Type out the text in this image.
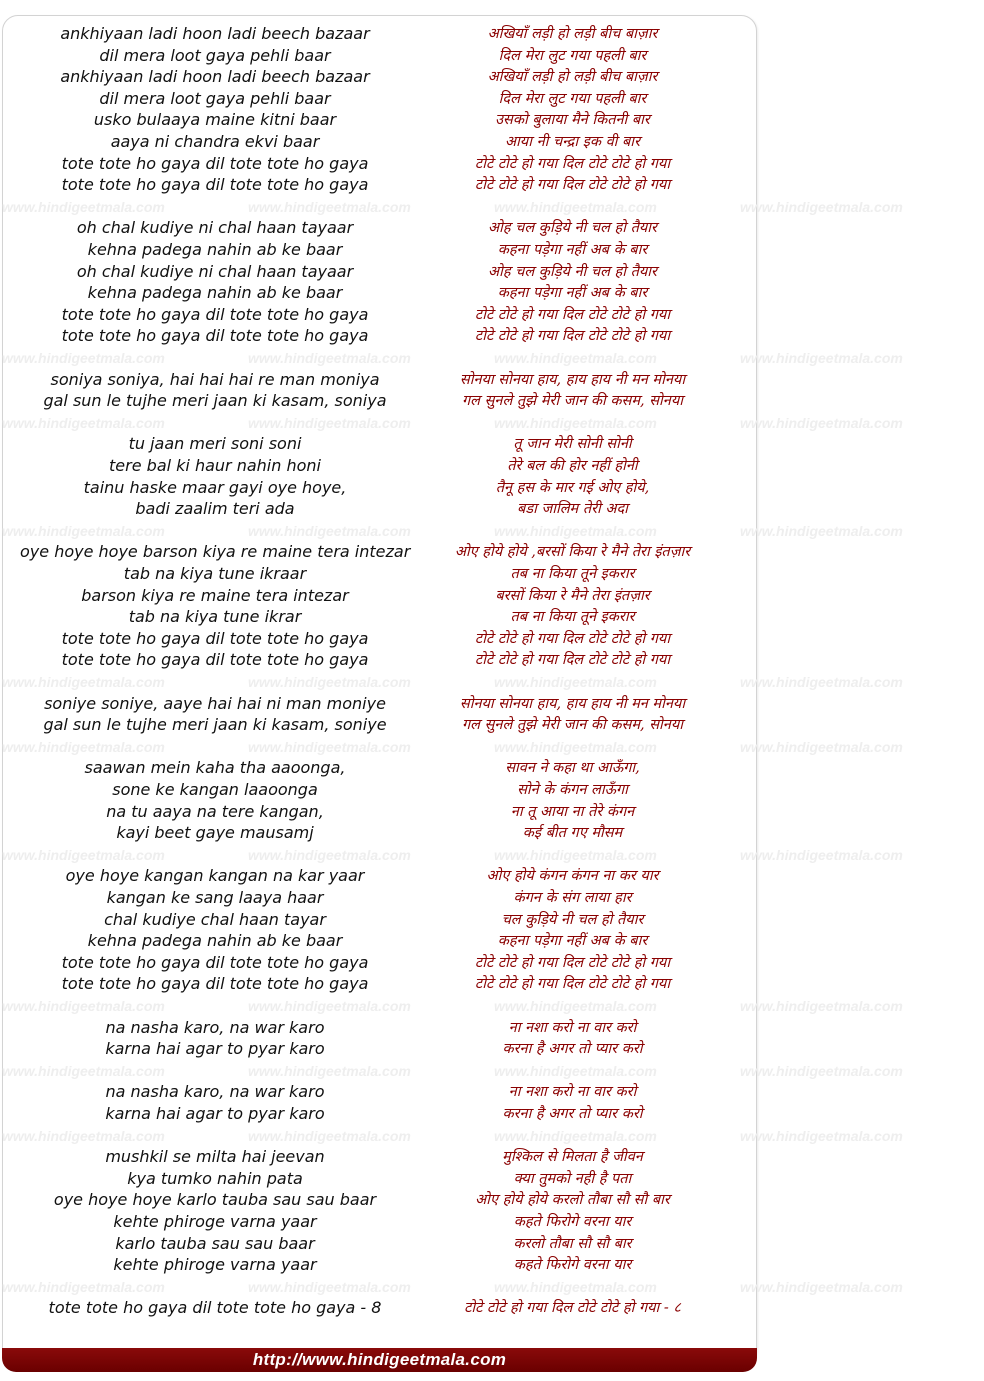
ankhiyaan ladi hoon ladi beech bazaar	अखियाँ लड़ी हो लड़ी बीच बाज़ार
dil mera loot gaya pehli baar	दिल मेरा लुट गया पहली बार
ankhiyaan ladi hoon ladi beech bazaar	अखियाँ लड़ी हो लड़ी बीच बाज़ार
dil mera loot gaya pehli baar	दिल मेरा लुट गया पहली बार
usko bulaaya maine kitni baar	उसको बुलाया मैने कितनी बार
aaya ni chandra ekvi baar	आया नी चन्द्रा इक वी बार
tote tote ho gaya dil tote tote ho gaya	टोटे टोटे हो गया दिल टोटे टोटे हो गया
tote tote ho gaya dil tote tote ho gaya	टोटे टोटे हो गया दिल टोटे टोटे हो गया
www.hindigeetmala.com	www.hindigeetmala.com	www.hindigeetmala.com	www.hindigeetmala.com
oh chal kudiye ni chal haan tayaar	ओह चल कुड़िये नी चल हो तैयार
kehna padega nahin ab ke baar	कहना पड़ेगा नहीं अब के बार
oh chal kudiye ni chal haan tayaar	ओह चल कुड़िये नी चल हो तैयार
kehna padega nahin ab ke baar	कहना पड़ेगा नहीं अब के बार
tote tote ho gaya dil tote tote ho gaya	टोटे टोटे हो गया दिल टोटे टोटे हो गया
tote tote ho gaya dil tote tote ho gaya	टोटे टोटे हो गया दिल टोटे टोटे हो गया
www.hindigeetmala.com	www.hindigeetmala.com	www.hindigeetmala.com	www.hindigeetmala.com
soniya soniya, hai hai hai re man moniya	सोनया सोनया हाय, हाय हाय नी मन मोनया
gal sun le tujhe meri jaan ki kasam, soniya	गल सुनले तुझे मेरी जान की कसम, सोनया
www.hindigeetmala.com	www.hindigeetmala.com	www.hindigeetmala.com	www.hindigeetmala.com
tu jaan meri soni soni	तू जान मेरी सोनी सोनी
tere bal ki haur nahin honi	तेरे बल की होर नहीं होनी
tainu haske maar gayi oye hoye,	तैनू हस के मार गई ओए होये,
badi zaalim teri ada	बडा जालिम तेरी अदा
www.hindigeetmala.com	www.hindigeetmala.com	www.hindigeetmala.com	www.hindigeetmala.com
oye hoye hoye barson kiya re maine tera intezar	ओए होये होये ,बरसों किया रे मैने तेरा इंतज़ार
tab na kiya tune ikraar	तब ना किया तूने इकरार
barson kiya re maine tera intezar	बरसों किया रे मैने तेरा इंतज़ार
tab na kiya tune ikrar	तब ना किया तूने इकरार
tote tote ho gaya dil tote tote ho gaya	टोटे टोटे हो गया दिल टोटे टोटे हो गया
tote tote ho gaya dil tote tote ho gaya	टोटे टोटे हो गया दिल टोटे टोटे हो गया
www.hindigeetmala.com	www.hindigeetmala.com	www.hindigeetmala.com	www.hindigeetmala.com
soniye soniye, aaye hai hai ni man moniye	सोनया सोनया हाय, हाय हाय नी मन मोनया
gal sun le tujhe meri jaan ki kasam, soniye	गल सुनले तुझे मेरी जान की कसम, सोनया
www.hindigeetmala.com	www.hindigeetmala.com	www.hindigeetmala.com	www.hindigeetmala.com
saawan mein kaha tha aaoonga,	सावन ने कहा था आऊँगा,
sone ke kangan laaoonga	सोने के कंगन लाऊँगा
na tu aaya na tere kangan,	ना तू आया ना तेरे कंगन
kayi beet gaye mausamj	कई बीत गए मौसम
www.hindigeetmala.com	www.hindigeetmala.com	www.hindigeetmala.com	www.hindigeetmala.com
oye hoye kangan kangan na kar yaar	ओए होये कंगन कंगन ना कर यार
kangan ke sang laaya haar	कंगन के संग लाया हार
chal kudiye chal haan tayar	चल कुड़िये नी चल हो तैयार
kehna padega nahin ab ke baar	कहना पड़ेगा नहीं अब के बार
tote tote ho gaya dil tote tote ho gaya	टोटे टोटे हो गया दिल टोटे टोटे हो गया
tote tote ho gaya dil tote tote ho gaya	टोटे टोटे हो गया दिल टोटे टोटे हो गया
www.hindigeetmala.com	www.hindigeetmala.com	www.hindigeetmala.com	www.hindigeetmala.com
na nasha karo, na war karo	ना नशा करो ना वार करो
karna hai agar to pyar karo	करना है अगर तो प्यार करो
www.hindigeetmala.com	www.hindigeetmala.com	www.hindigeetmala.com	www.hindigeetmala.com
na nasha karo, na war karo	ना नशा करो ना वार करो
karna hai agar to pyar karo	करना है अगर तो प्यार करो
www.hindigeetmala.com	www.hindigeetmala.com	www.hindigeetmala.com	www.hindigeetmala.com
mushkil se milta hai jeevan	मुश्किल से मिलता है जीवन
kya tumko nahin pata	क्या तुमको नही है पता
oye hoye hoye karlo tauba sau sau baar	ओए होये होये करलो तौबा सौ सौ बार
kehte phiroge varna yaar	कहते फिरोगे वरना यार
karlo tauba sau sau baar	करलो तौबा सौ सौ बार
kehte phiroge varna yaar	कहते फिरोगे वरना यार
www.hindigeetmala.com	www.hindigeetmala.com	www.hindigeetmala.com	www.hindigeetmala.com
tote tote ho gaya dil tote tote ho gaya - 8	टोटे टोटे हो गया दिल टोटे टोटे हो गया - ८
http://www.hindigeetmala.com
